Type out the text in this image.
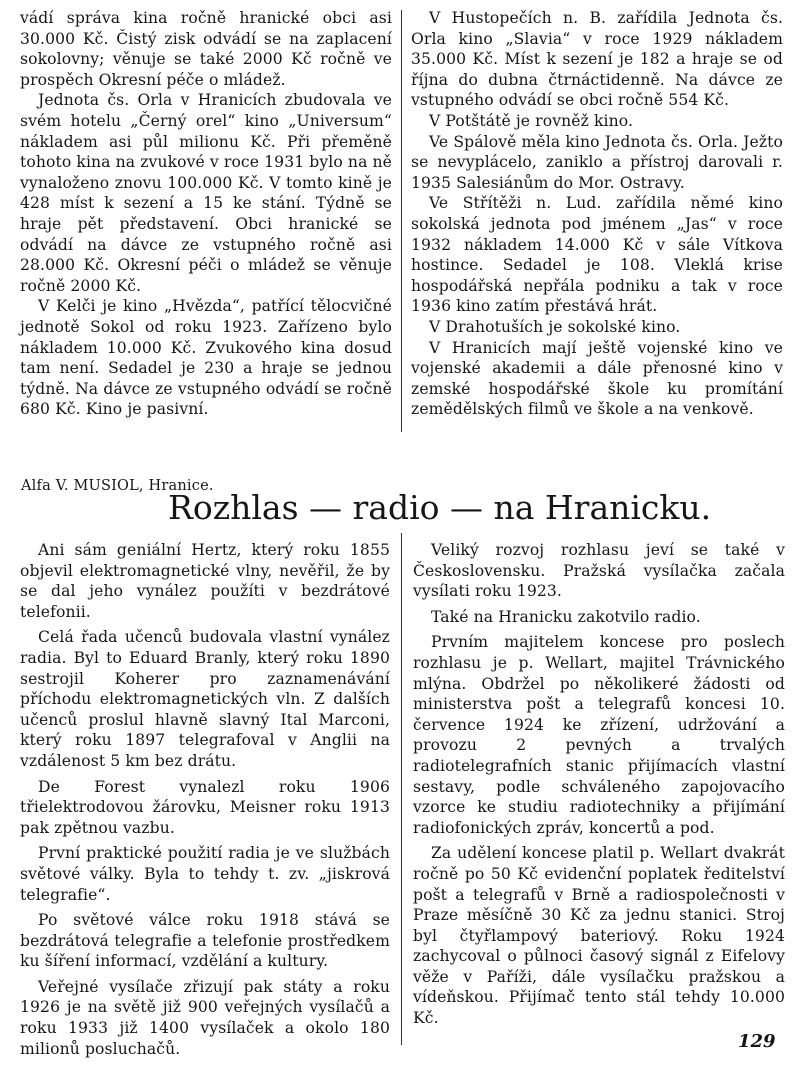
vádí správa kina ročně hranické obci asi 30.000 Kč. Čistý zisk odvádí se na zaplacení sokolovny; věnuje se také 2000 Kč ročně ve prospěch Okresní péče o mládež.

Jednota čs. Orla v Hranicích zbudovala ve svém hotelu „Černý orel“ kino „Universum“ nákladem asi půl milionu Kč. Při přeměně tohoto kina na zvukové v roce 1931 bylo na ně vynaloženo znovu 100.000 Kč. V tomto kině je 428 míst k sezení a 15 ke stání. Týdně se hraje pět představení. Obci hranické se odvádí na dávce ze vstupného ročně asi 28.000 Kč. Okresní péči o mládež se věnuje ročně 2000 Kč.

V Kelči je kino „Hvězda“, patřící tělocvičné jednotě Sokol od roku 1923. Zařízeno bylo nákladem 10.000 Kč. Zvukového kina dosud tam není. Sedadel je 230 a hraje se jednou týdně. Na dávce ze vstupného odvádí se ročně 680 Kč. Kino je pasivní.

V Hustopečích n. B. zařídila Jednota čs. Orla kino „Slavia“ v roce 1929 nákladem 35.000 Kč. Míst k sezení je 182 a hraje se od října do dubna čtrnáctidenně. Na dávce ze vstupného odvádí se obci ročně 554 Kč.

V Potštátě je rovněž kino.

Ve Spálově měla kino Jednota čs. Orla. Ježto se nevyplácelo, zaniklo a přístroj darovali r. 1935 Salesiánům do Mor. Ostravy.

Ve Střítěži n. Lud. zařídila němé kino sokolská jednota pod jménem „Jas“ v roce 1932 nákladem 14.000 Kč v sále Vítkova hostince. Sedadel je 108. Vleklá krise hospodářská nepřála podniku a tak v roce 1936 kino zatím přestává hrát.

V Drahotuších je sokolské kino.

V Hranicích mají ještě vojenské kino ve vojenské akademii a dále přenosné kino v zemské hospodářské škole ku promítání zemědělských filmů ve škole a na venkově.

Alfa V. MUSIOL, Hranice.
Rozhlas — radio — na Hranicku.

Ani sám geniální Hertz, který roku 1855 objevil elektromagnetické vlny, nevěřil, že by se dal jeho vynález použíti v bezdrátové telefonii.

Celá řada učenců budovala vlastní vynález radia. Byl to Eduard Branly, který roku 1890 sestrojil Koherer pro zaznamenávání příchodu elektromagnetických vln. Z dalších učenců proslul hlavně slavný Ital Marconi, který roku 1897 telegrafoval v Anglii na vzdálenost 5 km bez drátu.

De Forest vynalezl roku 1906 třielektrodovou žárovku, Meisner roku 1913 pak zpětnou vazbu.

První praktické použití radia je ve službách světové války. Byla to tehdy t. zv. „jiskrová telegrafie“.

Po světové válce roku 1918 stává se bezdrátová telegrafie a telefonie prostředkem ku šíření informací, vzdělání a kultury.

Veřejné vysílače zřizují pak státy a roku 1926 je na světě již 900 veřejných vysílačů a roku 1933 již 1400 vysílaček a okolo 180 milionů posluchačů.

Veliký rozvoj rozhlasu jeví se také v Československu. Pražská vysílačka začala vysílati roku 1923.

Také na Hranicku zakotvilo radio.

Prvním majitelem koncese pro poslech rozhlasu je p. Wellart, majitel Trávnického mlýna. Obdržel po několikeré žádosti od ministerstva pošt a telegrafů koncesi 10. července 1924 ke zřízení, udržování a provozu 2 pevných a trvalých radiotelegrafních stanic přijímacích vlastní sestavy, podle schváleného zapojovacího vzorce ke studiu radiotechniky a přijímání radiofonických zpráv, koncertů a pod.

Za udělení koncese platil p. Wellart dvakrát ročně po 50 Kč evidenční poplatek ředitelství pošt a telegrafů v Brně a radiospolečnosti v Praze měsíčně 30 Kč za jednu stanici. Stroj byl čtyřlampový bateriový. Roku 1924 zachycoval o půlnoci časový signál z Eifelovy věže v Paříži, dále vysílačku pražskou a vídeňskou. Přijímač tento stál tehdy 10.000 Kč.

129
